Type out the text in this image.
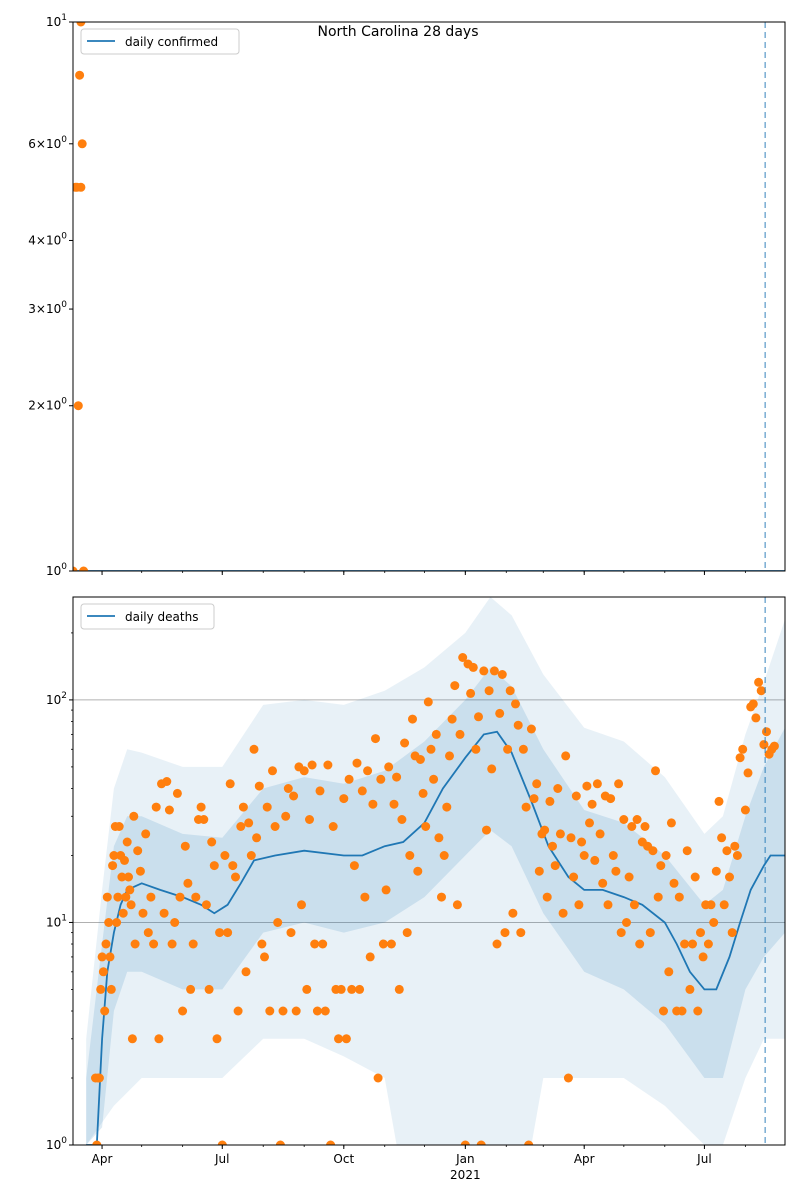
North Carolina 28 days
$10^0$
$2\times 10^0$
$3\times 10^0$
$4\times 10^0$
$6\times 10^0$
$10^1$
daily confirmed
$10^0$
$10^1$
$10^2$
daily deaths
Apr	Jul	Oct	Jan	Apr	Jul
2021
